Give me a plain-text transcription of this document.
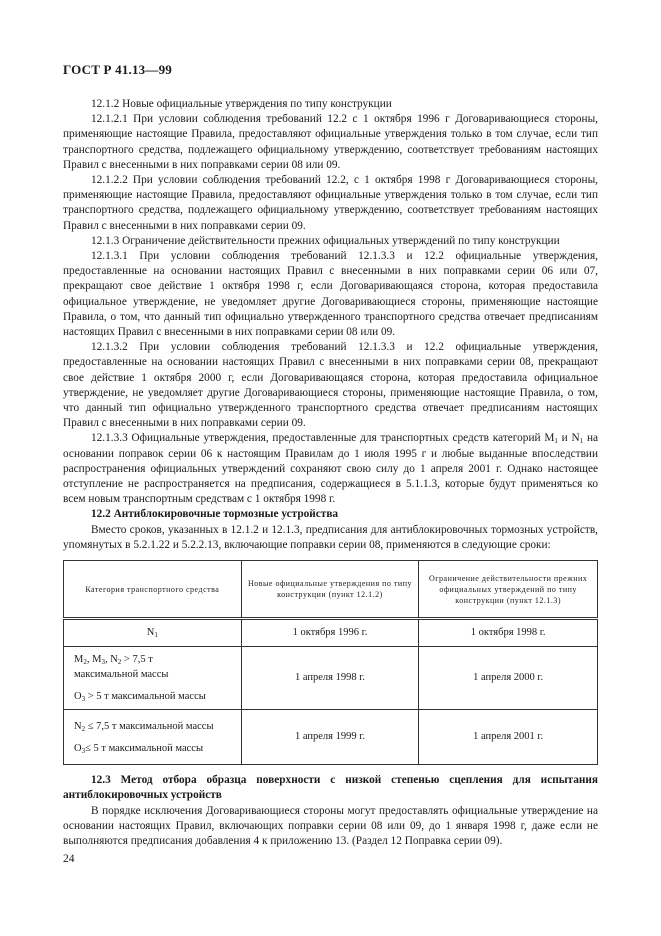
ГОСТ Р 41.13—99

12.1.2 Новые официальные утверждения по типу конструкции

12.1.2.1 При условии соблюдения требований 12.2 с 1 октября 1996 г Договаривающиеся стороны, применяющие настоящие Правила, предоставляют официальные утверждения только в том случае, если тип транспортного средства, подлежащего официальному утверждению, соответствует требованиям настоящих Правил с внесенными в них поправками серии 08 или 09.

12.1.2.2 При условии соблюдения требований 12.2, с 1 октября 1998 г Договаривающиеся стороны, применяющие настоящие Правила, предоставляют официальные утверждения только в том случае, если тип транспортного средства, подлежащего официальному утверждению, соответствует требованиям настоящих Правил с внесенными в них поправками серии 09.

12.1.3 Ограничение действительности прежних официальных утверждений по типу конструкции

12.1.3.1 При условии соблюдения требований 12.1.3.3 и 12.2 официальные утверждения, предоставленные на основании настоящих Правил с внесенными в них поправками серии 06 или 07, прекращают свое действие 1 октября 1998 г, если Договаривающаяся сторона, которая предоставила официальное утверждение, не уведомляет другие Договаривающиеся стороны, применяющие настоящие Правила, о том, что данный тип официально утвержденного транспортного средства отвечает предписаниям настоящих Правил с внесенными в них поправками серии 08 или 09.

12.1.3.2 При условии соблюдения требований 12.1.3.3 и 12.2 официальные утверждения, предоставленные на основании настоящих Правил с внесенными в них поправками серии 08, прекращают свое действие 1 октября 2000 г, если Договаривающаяся сторона, которая предоставила официальное утверждение, не уведомляет другие Договаривающиеся стороны, применяющие настоящие Правила, о том, что данный тип официально утвержденного транспортного средства отвечает предписаниям настоящих Правил с внесенными в них поправками серии 09.

12.1.3.3 Официальные утверждения, предоставленные для транспортных средств категорий $M_1$ и $N_1$ на основании поправок серии 06 к настоящим Правилам до 1 июля 1995 г и любые выданные впоследствии распространения официальных утверждений сохраняют свою силу до 1 апреля 2001 г. Однако настоящее отступление не распространяется на предписания, содержащиеся в 5.1.1.3, которые будут применяться ко всем новым транспортным средствам с 1 октября 1998 г.

12.2 Антиблокировочные тормозные устройства

Вместо сроков, указанных в 12.1.2 и 12.1.3, предписания для антиблокировочных тормозных устройств, упомянутых в 5.2.1.22 и 5.2.2.13, включающие поправки серии 08, применяются в следующие сроки:

Категория транспортного средства	Новые официальные утверждения по типу конструкции (пункт 12.1.2)	Ограничение действительности прежних официальных утверждений по типу конструкции (пункт 12.1.3)
$N_1$	1 октября 1996 г.	1 октября 1998 г.

$M_2$, $M_3$, $N_2 > 7,5$ т
максимальной массы
$O_3 > 5$ т максимальной массы	1 апреля 1998 г.	1 апреля 2000 г.

$N_2 \le 7,5$ т максимальной массы
$O_3\le 5$ т максимальной массы	1 апреля 1999 г.	1 апреля 2001 г.

12.3 Метод отбора образца поверхности с низкой степенью сцепления для испытания антиблокировочных устройств

В порядке исключения Договаривающиеся стороны могут предоставлять официальные утверждение на основании настоящих Правил, включающих поправки серии 08 или 09, до 1 января 1998 г, даже если не выполняются предписания добавления 4 к приложению 13. (Раздел 12 Поправка серии 09).

24
